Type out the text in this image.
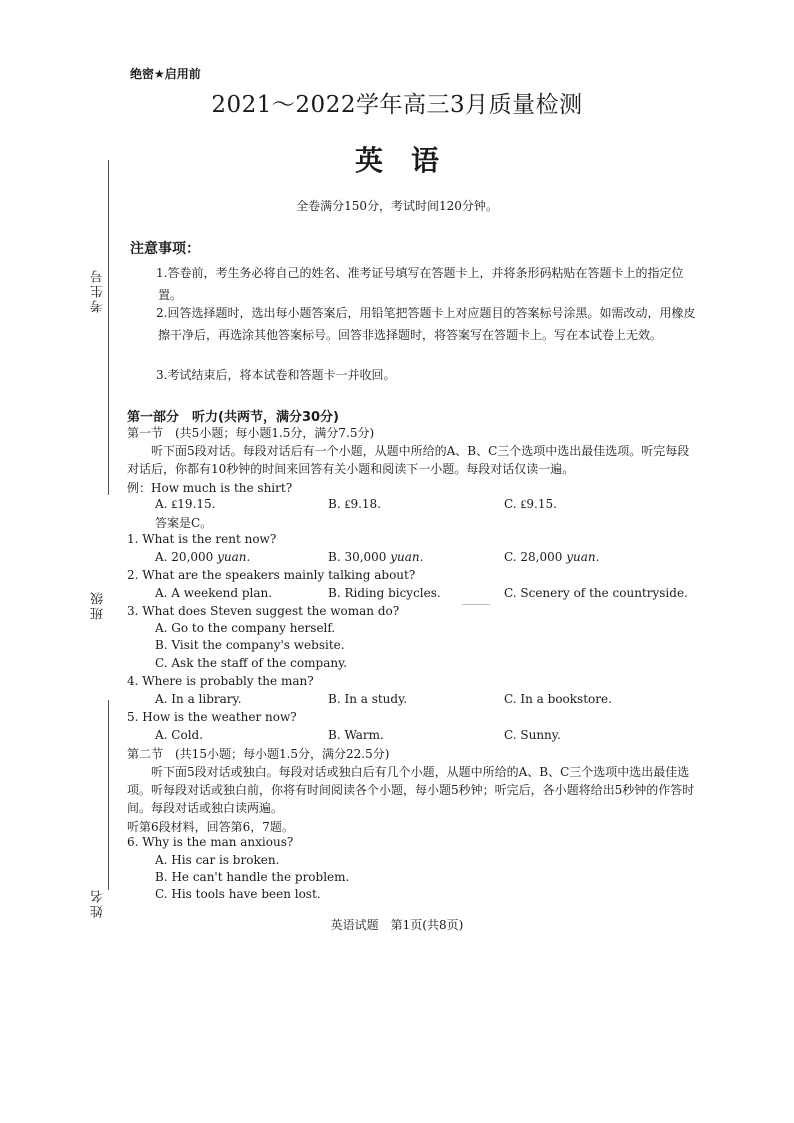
考生号
班级
姓名
绝密★启用前
2021～2022学年高三3月质量检测
英语
全卷满分150分，考试时间120分钟。
注意事项：
1.答卷前，考生务必将自己的姓名、准考证号填写在答题卡上，并将条形码粘贴在答题卡上的指定位置。
2.回答选择题时，选出每小题答案后，用铅笔把答题卡上对应题目的答案标号涂黑。如需改动，用橡皮擦干净后，再选涂其他答案标号。回答非选择题时，将答案写在答题卡上。写在本试卷上无效。
3.考试结束后，将本试卷和答题卡一并收回。
第一部分　听力(共两节，满分30分)
第一节　(共5小题；每小题1.5分，满分7.5分)
听下面5段对话。每段对话后有一个小题，从题中所给的A、B、C三个选项中选出最佳选项。听完每段对话后，你都有10秒钟的时间来回答有关小题和阅读下一小题。每段对话仅读一遍。
例：How much is the shirt?
A. ₤19.15.	B. ₤9.18.	C. ₤9.15.
答案是C。
1. What is the rent now?
A. 20,000 yuan.	B. 30,000 yuan.	C. 28,000 yuan.
2. What are the speakers mainly talking about?
A. A weekend plan.	B. Riding bicycles.	C. Scenery of the countryside.
3. What does Steven suggest the woman do?
A. Go to the company herself.
B. Visit the company's website.
C. Ask the staff of the company.
4. Where is probably the man?
A. In a library.	B. In a study.	C. In a bookstore.
5. How is the weather now?
A. Cold.	B. Warm.	C. Sunny.
第二节　(共15小题；每小题1.5分，满分22.5分)
听下面5段对话或独白。每段对话或独白后有几个小题，从题中所给的A、B、C三个选项中选出最佳选项。听每段对话或独白前，你将有时间阅读各个小题，每小题5秒钟；听完后，各小题将给出5秒钟的作答时间。每段对话或独白读两遍。
听第6段材料，回答第6，7题。
6. Why is the man anxious?
A. His car is broken.
B. He can't handle the problem.
C. His tools have been lost.
英语试题　第1页(共8页)
